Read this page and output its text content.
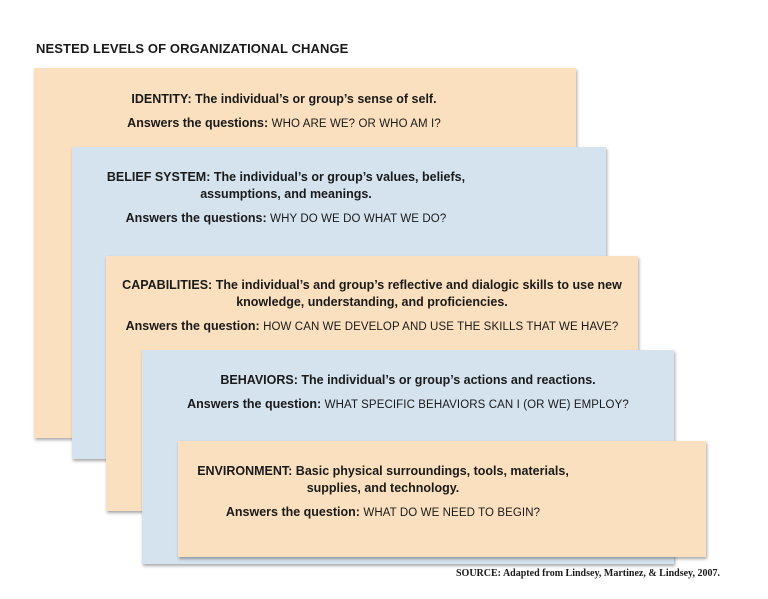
NESTED LEVELS OF ORGANIZATIONAL CHANGE
IDENTITY: The individual’s or group’s sense of self.
Answers the questions: WHO ARE WE? OR WHO AM I?
BELIEF SYSTEM: The individual’s or group’s values, beliefs, assumptions, and meanings.
Answers the questions: WHY DO WE DO WHAT WE DO?
CAPABILITIES: The individual’s and group’s reflective and dialogic skills to use new knowledge, understanding, and proficiencies.
Answers the question: HOW CAN WE DEVELOP AND USE THE SKILLS THAT WE HAVE?
BEHAVIORS: The individual’s or group’s actions and reactions.
Answers the question: WHAT SPECIFIC BEHAVIORS CAN I (OR WE) EMPLOY?
ENVIRONMENT: Basic physical surroundings, tools, materials, supplies, and technology.
Answers the question: WHAT DO WE NEED TO BEGIN?
SOURCE: Adapted from Lindsey, Martinez, & Lindsey, 2007.
